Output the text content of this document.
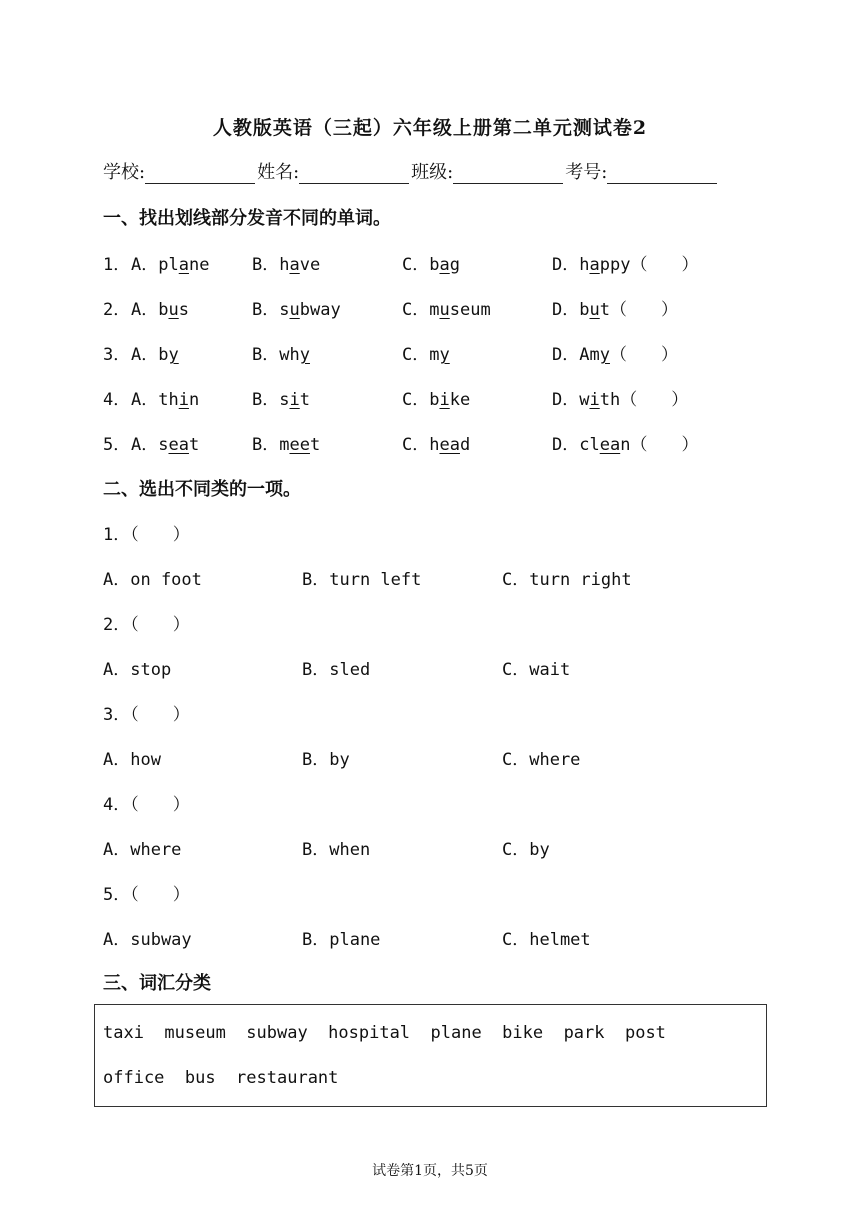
人教版英语（三起）六年级上册第二单元测试卷2
学校:	姓名:	班级:	考号:
一、找出划线部分发音不同的单词。
1． A．plane	B．have	C．bag	D．happy（　　）
2． A．bus	B．subway	C．museum	D．but（　　）
3． A．by	B．why	C．my	D．Amy（　　）
4． A．thin	B．sit	C．bike	D．with（　　）
5． A．seat	B．meet	C．head	D．clean（　　）
二、选出不同类的一项。
1．（　　）
A．on foot	B．turn left	C．turn right
2．（　　）
A．stop	B．sled	C．wait
3．（　　）
A．how	B．by	C．where
4．（　　）
A．where	B．when	C．by
5．（　　）
A．subway	B．plane	C．helmet
三、词汇分类
taxi  museum  subway  hospital  plane  bike  park  post
office  bus  restaurant
试卷第1页，共5页
